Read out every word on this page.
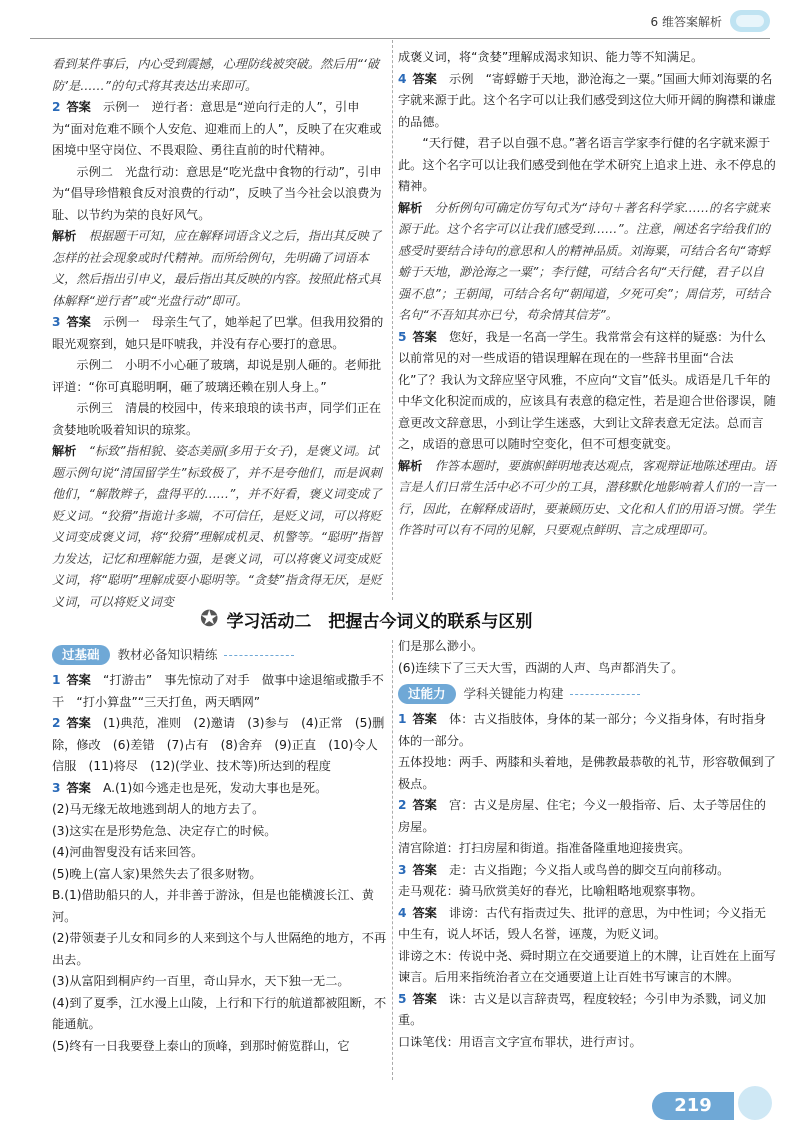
6 维答案解析

看到某件事后，内心受到震撼，心理防线被突破。然后用“‘破防’是……”的句式将其表达出来即可。

2 答案　 示例一　逆行者：意思是“逆向行走的人”，引申为“面对危难不顾个人安危、迎难而上的人”，反映了在灾难或困境中坚守岗位、不畏艰险、勇往直前的时代精神。

示例二　光盘行动：意思是“吃光盘中食物的行动”，引申为“倡导珍惜粮食反对浪费的行动”，反映了当今社会以浪费为耻、以节约为荣的良好风气。

解析　 根据题干可知，应在解释词语含义之后，指出其反映了怎样的社会现象或时代精神。而所给例句，先明确了词语本义，然后指出引申义，最后指出其反映的内容。按照此格式具体解释“逆行者”或“光盘行动”即可。

3 答案　 示例一　母亲生气了，她举起了巴掌。但我用狡猾的眼光观察到，她只是吓唬我，并没有存心要打的意思。

示例二　小明不小心砸了玻璃，却说是别人砸的。老师批评道：“你可真聪明啊，砸了玻璃还赖在别人身上。”

示例三　清晨的校园中，传来琅琅的读书声，同学们正在贪婪地吮吸着知识的琼浆。

解析　 “标致”指相貌、姿态美丽(多用于女子)，是褒义词。试题示例句说“清国留学生”标致极了，并不是夸他们，而是讽刺他们，“解散辫子，盘得平的……”，并不好看，褒义词变成了贬义词。“狡猾”指诡计多端，不可信任，是贬义词，可以将贬义词变成褒义词，将“狡猾”理解成机灵、机警等。“聪明”指智力发达，记忆和理解能力强，是褒义词，可以将褒义词变成贬义词，将“聪明”理解成耍小聪明等。“贪婪”指贪得无厌，是贬义词，可以将贬义词变

成褒义词，将“贪婪”理解成渴求知识、能力等不知满足。

4 答案　 示例　“寄蜉蝣于天地，渺沧海之一粟。”国画大师刘海粟的名字就来源于此。这个名字可以让我们感受到这位大师开阔的胸襟和谦虚的品德。

“天行健，君子以自强不息。”著名语言学家李行健的名字就来源于此。这个名字可以让我们感受到他在学术研究上追求上进、永不停息的精神。

解析　 分析例句可确定仿写句式为“诗句＋著名科学家……的名字就来源于此。这个名字可以让我们感受到……”。注意，阐述名字给我们的感受时要结合诗句的意思和人的精神品质。刘海粟，可结合名句“寄蜉蝣于天地，渺沧海之一粟”；李行健，可结合名句“天行健，君子以自强不息”；王朝闻，可结合名句“朝闻道，夕死可矣”；周信芳，可结合名句“不吾知其亦已兮，苟余情其信芳”。

5 答案　 您好，我是一名高一学生。我常常会有这样的疑惑：为什么以前常见的对一些成语的错误理解在现在的一些辞书里面“合法化”了？我认为文辞应坚守风雅，不应向“文盲”低头。成语是几千年的中华文化积淀而成的，应该具有表意的稳定性，若是迎合世俗谬误，随意更改文辞意思，小到让学生迷惑，大到让文辞表意无定法。总而言之，成语的意思可以随时空变化，但不可想变就变。

解析　 作答本题时，要旗帜鲜明地表达观点，客观辩证地陈述理由。语言是人们日常生活中必不可少的工具，潜移默化地影响着人们的一言一行，因此，在解释成语时，要兼顾历史、文化和人们的用语习惯。学生作答时可以有不同的见解，只要观点鲜明、言之成理即可。

✪ 学习活动二　把握古今词义的联系与区别
过基础	教材必备知识精练

1 答案　 “打游击”　事先惊动了对手　做事中途退缩或撒手不干　“打小算盘”“三天打鱼，两天晒网”

2 答案　 (1)典范，准则　(2)邀请　(3)参与　(4)正常　(5)删除，修改　(6)差错　(7)占有　(8)舍弃　(9)正直　(10)令人信服　(11)将尽　(12)(学业、技术等)所达到的程度

3 答案　 A.(1)如今逃走也是死，发动大事也是死。

(2)马无缘无故地逃到胡人的地方去了。

(3)这实在是形势危急、决定存亡的时候。

(4)河曲智叟没有话来回答。

(5)晚上(富人家)果然失去了很多财物。

B.(1)借助船只的人，并非善于游泳，但是也能横渡长江、黄河。

(2)带领妻子儿女和同乡的人来到这个与人世隔绝的地方，不再出去。

(3)从富阳到桐庐约一百里，奇山异水，天下独一无二。

(4)到了夏季，江水漫上山陵，上行和下行的航道都被阻断，不能通航。

(5)终有一日我要登上泰山的顶峰，到那时俯览群山，它

们是那么渺小。

(6)连续下了三天大雪，西湖的人声、鸟声都消失了。

过能力	学科关键能力构建

1 答案　 体：古义指肢体，身体的某一部分；今义指身体，有时指身体的一部分。

五体投地：两手、两膝和头着地，是佛教最恭敬的礼节，形容敬佩到了极点。

2 答案　 宫：古义是房屋、住宅；今义一般指帝、后、太子等居住的房屋。

清宫除道：打扫房屋和街道。指准备隆重地迎接贵宾。

3 答案　 走：古义指跑；今义指人或鸟兽的脚交互向前移动。

走马观花：骑马欣赏美好的春光，比喻粗略地观察事物。

4 答案　 诽谤：古代有指责过失、批评的意思，为中性词；今义指无中生有，说人坏话，毁人名誉，诬蔑，为贬义词。

诽谤之木：传说中尧、舜时期立在交通要道上的木牌，让百姓在上面写谏言。后用来指统治者立在交通要道上让百姓书写谏言的木牌。

5 答案　 诛：古义是以言辞责骂，程度较轻；今引申为杀戮，词义加重。

口诛笔伐：用语言文字宣布罪状，进行声讨。

219
